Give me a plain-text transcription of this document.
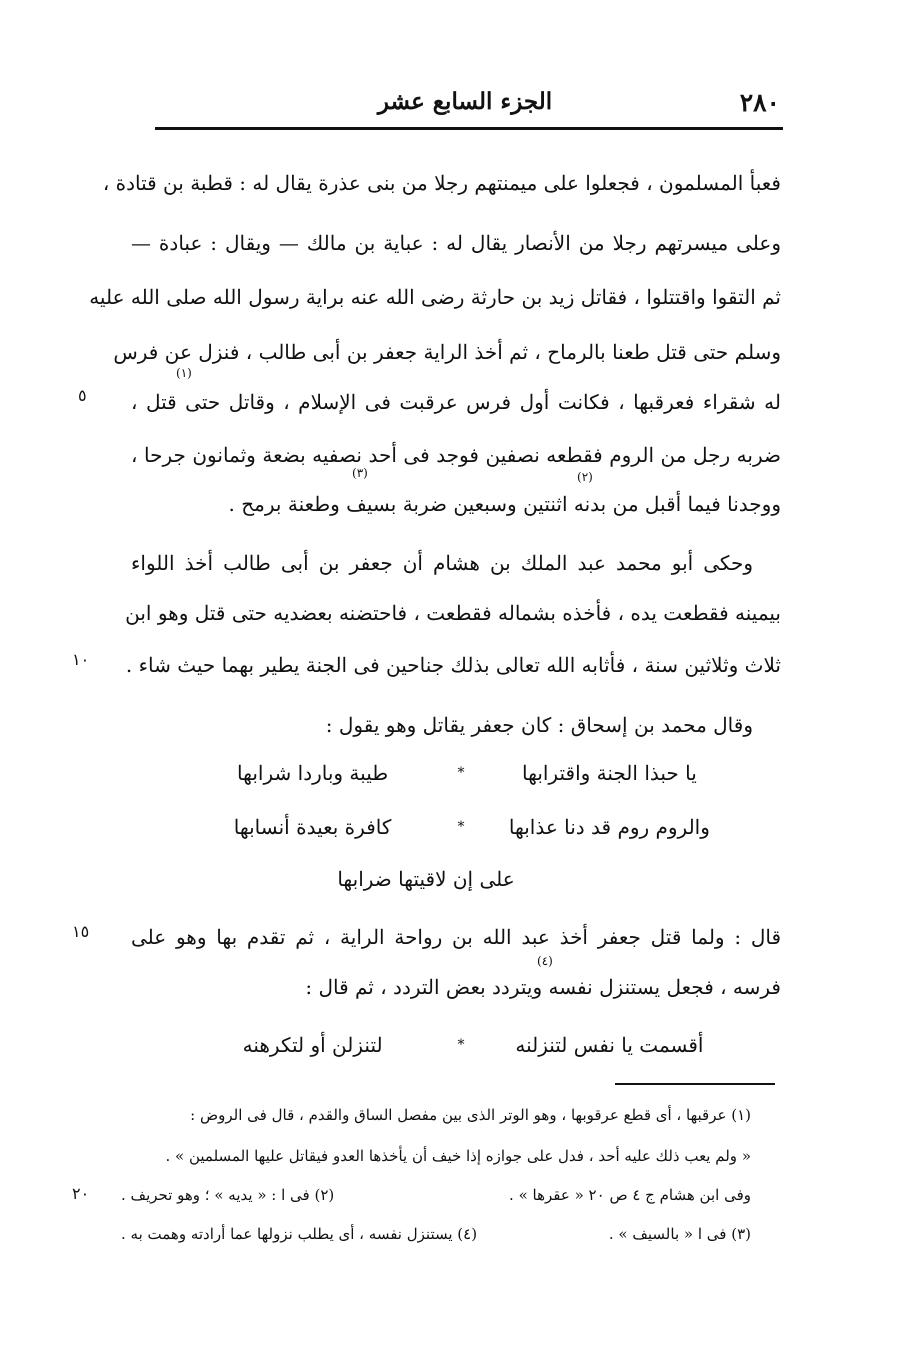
٢٨٠
الجزء السابع عشر
فعبأ المسلمون ، فجعلوا على ميمنتهم رجلا من بنى عذرة يقال له : قطبة بن قتادة ،
وعلى ميسرتهم رجلا من الأنصار يقال له : عباية بن مالك — ويقال : عبادة —
ثم التقوا واقتتلوا ، فقاتل زيد بن حارثة رضى الله عنه براية رسول الله صلى الله عليه
وسلم حتى قتل طعنا بالرماح ، ثم أخذ الراية جعفر بن أبى طالب ، فنزل عن فرس
(١)
له شقراء فعرقبها ، فكانت أول فرس عرقبت فى الإسلام ، وقاتل حتى قتل ،
ضربه رجل من الروم فقطعه نصفين فوجد فى أحد نصفيه بضعة وثمانون جرحا ،
(٢)
(٣)
ووجدنا فيما أقبل من بدنه اثنتين وسبعين ضربة بسيف وطعنة برمح .
وحكى أبو محمد عبد الملك بن هشام أن جعفر بن أبى طالب أخذ اللواء
بيمينه فقطعت يده ، فأخذه بشماله فقطعت ، فاحتضنه بعضديه حتى قتل وهو ابن
ثلاث وثلاثين سنة ، فأثابه الله تعالى بذلك جناحين فى الجنة يطير بهما حيث شاء .
وقال محمد بن إسحاق : كان جعفر يقاتل وهو يقول :
يا حبذا الجنة واقترابها
*
طيبة وباردا شرابها
والروم روم قد دنا عذابها
*
كافرة بعيدة أنسابها
على إن لاقيتها ضرابها
قال : ولما قتل جعفر أخذ عبد الله بن رواحة الراية ، ثم تقدم بها وهو على
(٤)
فرسه ، فجعل يستنزل نفسه ويتردد بعض التردد ، ثم قال :
أقسمت يا نفس لتنزلنه
*
لتنزلن أو لتكرهنه
٥
١٠
١٥
٢٠
(١) عرقبها ، أى قطع عرقوبها ، وهو الوتر الذى بين مفصل الساق والقدم ، قال فى الروض :
« ولم يعب ذلك عليه أحد ، فدل على جوازه إذا خيف أن يأخذها العدو فيقاتل عليها المسلمين » .
وفى ابن هشام ج ٤ ص ٢٠ « عقرها » .
(٢) فى ا : « يديه » ؛ وهو تحريف .
(٣) فى ا « بالسيف » .
(٤) يستنزل نفسه ، أى يطلب نزولها عما أرادته وهمت به .
